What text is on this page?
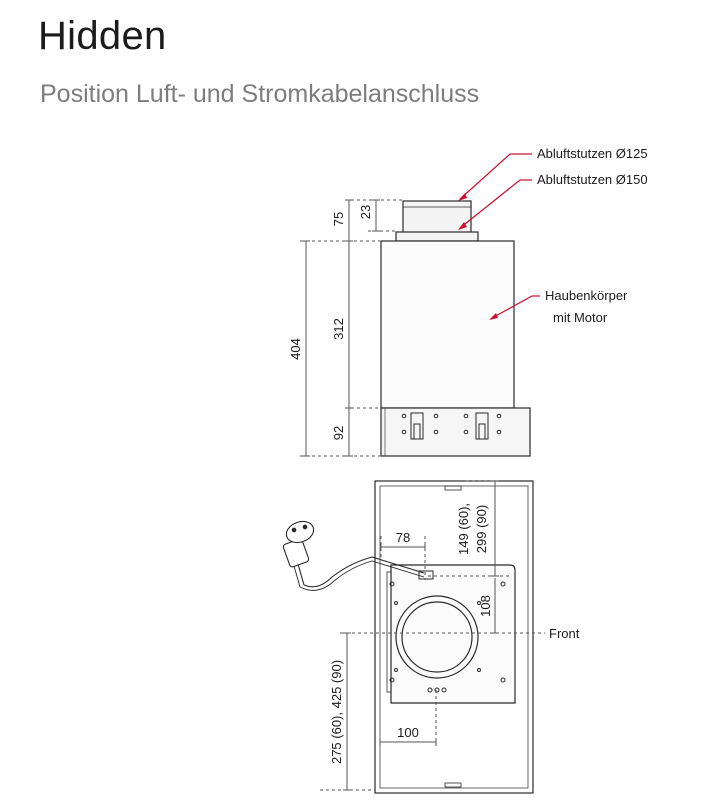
Hidden
Position Luft- und Stromkabelanschluss
404
75 23
312
92
Abluftstutzen Ø125
Abluftstutzen Ø150
Haubenkörper
mit Motor
78	149 (60), 299 (90)
108
275 (60), 425 (90)	100
Front
